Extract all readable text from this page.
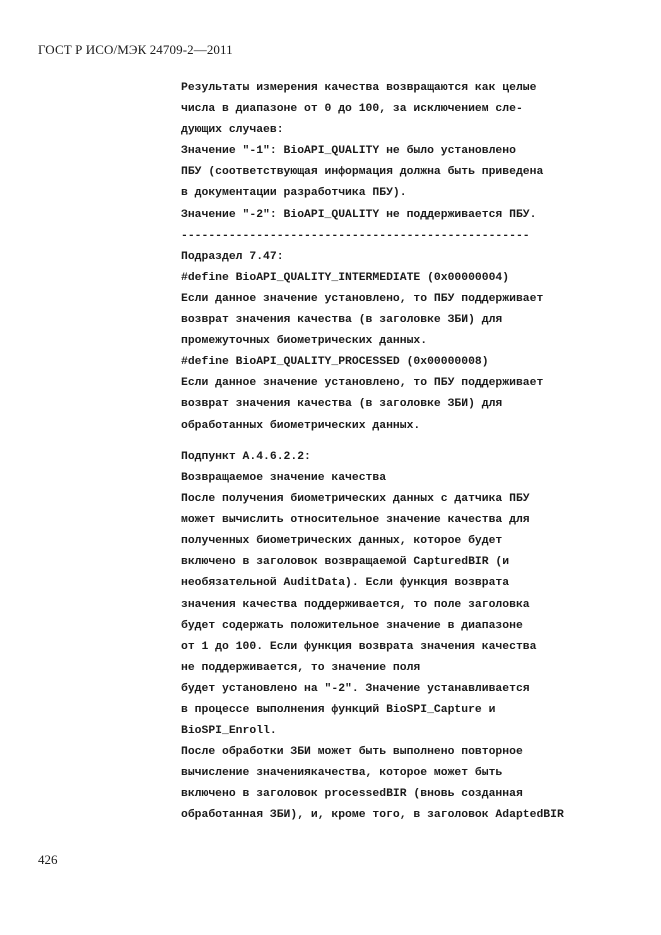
ГОСТ Р ИСО/МЭК 24709-2—2011
Результаты измерения качества возвращаются как целые
числа в диапазоне от 0 до 100, за исключением сле-
дующих случаев:
Значение "-1": BioAPI_QUALITY не было установлено
ПБУ (соответствующая информация должна быть приведена
в документации разработчика ПБУ).
Значение "-2": BioAPI_QUALITY не поддерживается ПБУ.
---------------------------------------------------
Подраздел 7.47:
#define BioAPI_QUALITY_INTERMEDIATE (0x00000004)
Если данное значение установлено, то ПБУ поддерживает
возврат значения качества (в заголовке ЗБИ) для
промежуточных биометрических данных.
#define BioAPI_QUALITY_PROCESSED (0x00000008)
Если данное значение установлено, то ПБУ поддерживает
возврат значения качества (в заголовке ЗБИ) для
обработанных биометрических данных.
Подпункт А.4.6.2.2:
Возвращаемое значение качества
После получения биометрических данных с датчика ПБУ
может вычислить относительное значение качества для
полученных биометрических данных, которое будет
включено в заголовок возвращаемой CapturedBIR (и
необязательной AuditData). Если функция возврата
значения качества поддерживается, то поле заголовка
будет содержать положительное значение в диапазоне
от 1 до 100. Если функция возврата значения качества
не поддерживается, то значение поля
будет установлено на "-2". Значение устанавливается
в процессе выполнения функций BioSPI_Capture и
BioSPI_Enroll.
После обработки ЗБИ может быть выполнено повторное
вычисление значениякачества, которое может быть
включено в заголовок processedBIR (вновь созданная
обработанная ЗБИ), и, кроме того, в заголовок AdaptedBIR
426
